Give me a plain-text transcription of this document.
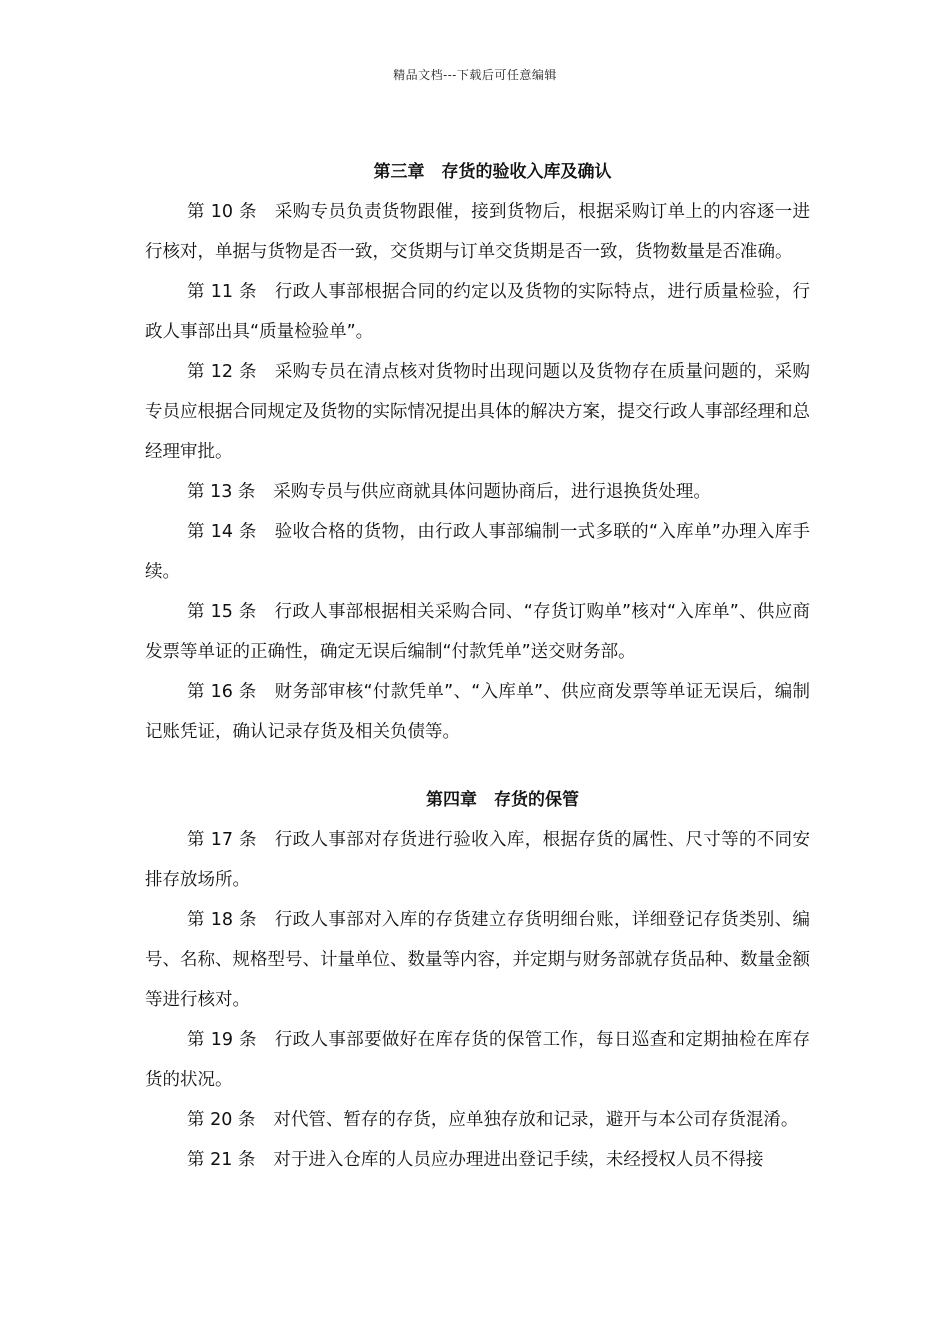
精品文档---下载后可任意编辑
第三章　存货的验收入库及确认

第 10 条 采购专员负责货物跟催，接到货物后，根据采购订单上的内容逐一进行核对，单据与货物是否一致，交货期与订单交货期是否一致，货物数量是否准确。

第 11 条 行政人事部根据合同的约定以及货物的实际特点，进行质量检验，行政人事部出具“质量检验单”。

第 12 条 采购专员在清点核对货物时出现问题以及货物存在质量问题的，采购专员应根据合同规定及货物的实际情况提出具体的解决方案，提交行政人事部经理和总经理审批。

第 13 条 采购专员与供应商就具体问题协商后，进行退换货处理。

第 14 条 验收合格的货物，由行政人事部编制一式多联的“入库单”办理入库手续。

第 15 条 行政人事部根据相关采购合同、“存货订购单”核对“入库单”、供应商发票等单证的正确性，确定无误后编制“付款凭单”送交财务部。

第 16 条 财务部审核“付款凭单”、“入库单”、供应商发票等单证无误后，编制记账凭证，确认记录存货及相关负债等。

第四章　存货的保管

第 17 条 行政人事部对存货进行验收入库，根据存货的属性、尺寸等的不同安排存放场所。

第 18 条 行政人事部对入库的存货建立存货明细台账，详细登记存货类别、编号、名称、规格型号、计量单位、数量等内容，并定期与财务部就存货品种、数量金额等进行核对。

第 19 条 行政人事部要做好在库存货的保管工作，每日巡查和定期抽检在库存货的状况。

第 20 条 对代管、暂存的存货，应单独存放和记录，避开与本公司存货混淆。

第 21 条 对于进入仓库的人员应办理进出登记手续，未经授权人员不得接
